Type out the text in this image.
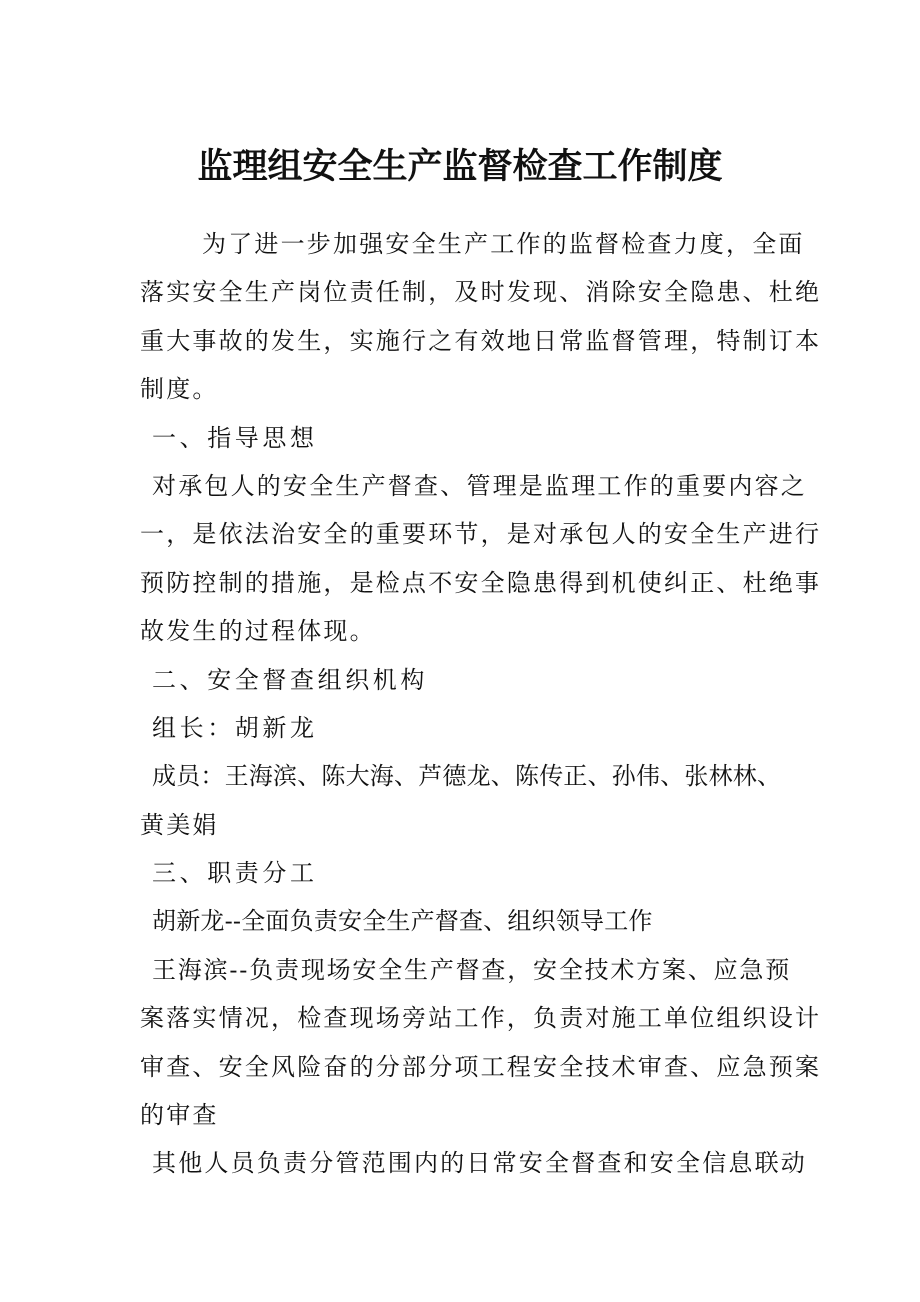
监理组安全生产监督检查工作制度
为了进一步加强安全生产工作的监督检查力度，全面
落实安全生产岗位责任制，及时发现、消除安全隐患、杜绝
重大事故的发生，实施行之有效地日常监督管理，特制订本
制度。
一、指导思想
对承包人的安全生产督查、管理是监理工作的重要内容之
一，是依法治安全的重要环节，是对承包人的安全生产进行
预防控制的措施，是检点不安全隐患得到机使纠正、杜绝事
故发生的过程体现。
二、安全督查组织机构
组长：胡新龙
成员：王海滨、陈大海、芦德龙、陈传正、孙伟、张林林、
黄美娟
三、职责分工
胡新龙--全面负责安全生产督查、组织领导工作
王海滨--负责现场安全生产督查，安全技术方案、应急预
案落实情况，检查现场旁站工作，负责对施工单位组织设计
审查、安全风险奋的分部分项工程安全技术审查、应急预案
的审查
其他人员负责分管范围内的日常安全督查和安全信息联动
